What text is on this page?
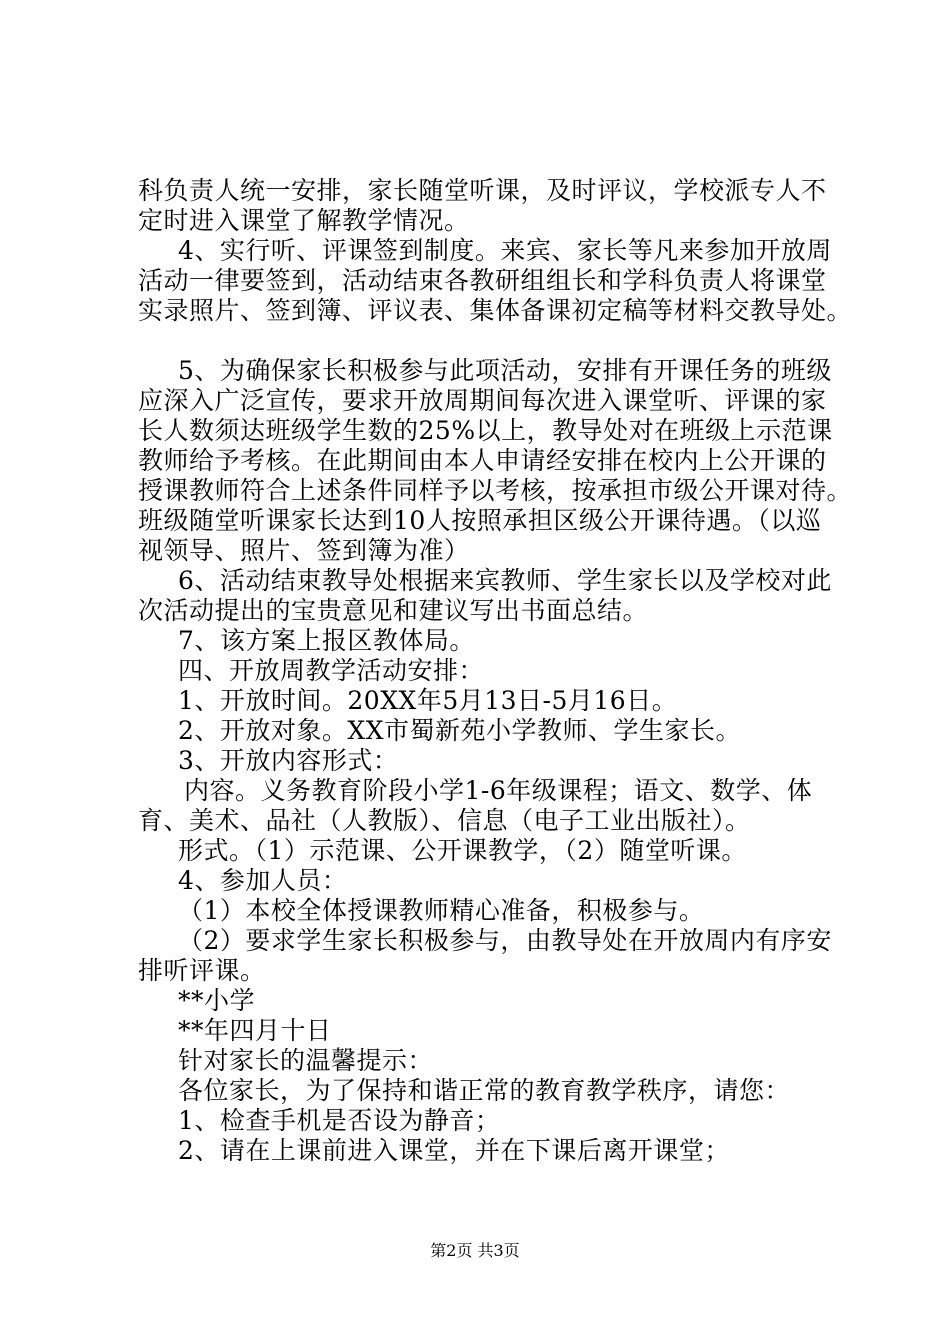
科负责人统一安排，家长随堂听课，及时评议，学校派专人不
定时进入课堂了解教学情况。
4、实行听、评课签到制度。来宾、家长等凡来参加开放周
活动一律要签到，活动结束各教研组组长和学科负责人将课堂
实录照片、签到簿、评议表、集体备课初定稿等材料交教导处。
5、为确保家长积极参与此项活动，安排有开课任务的班级
应深入广泛宣传，要求开放周期间每次进入课堂听、评课的家
长人数须达班级学生数的25%以上，教导处对在班级上示范课
教师给予考核。在此期间由本人申请经安排在校内上公开课的
授课教师符合上述条件同样予以考核，按承担市级公开课对待。
班级随堂听课家长达到10人按照承担区级公开课待遇。（以巡
视领导、照片、签到簿为准）
6、活动结束教导处根据来宾教师、学生家长以及学校对此
次活动提出的宝贵意见和建议写出书面总结。
7、该方案上报区教体局。
四、开放周教学活动安排：
1、开放时间。20XX年5月13日-5月16日。
2、开放对象。XX市蜀新苑小学教师、学生家长。
3、开放内容形式：
内容。义务教育阶段小学1-6年级课程；语文、数学、体
育、美术、品社（人教版）、信息（电子工业出版社）。
形式。（1）示范课、公开课教学，（2）随堂听课。
4、参加人员：
（1）本校全体授课教师精心准备，积极参与。
（2）要求学生家长积极参与，由教导处在开放周内有序安
排听评课。
**小学
**年四月十日
针对家长的温馨提示：
各位家长，为了保持和谐正常的教育教学秩序，请您：
1、检查手机是否设为静音；
2、请在上课前进入课堂，并在下课后离开课堂；
第2页 共3页
